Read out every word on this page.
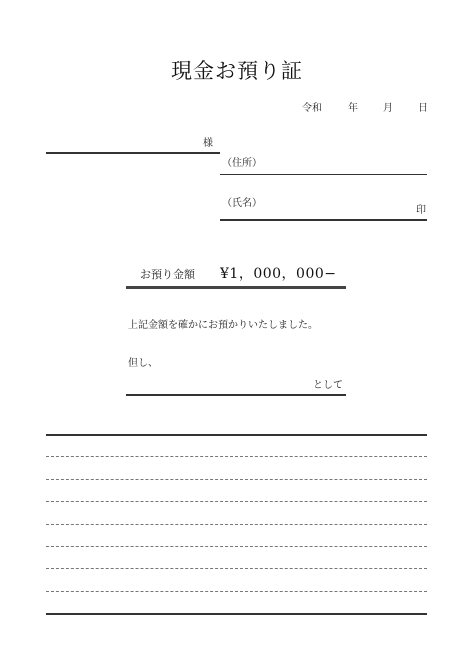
現金お預り証
令和	年	月	日
様
（住所）
（氏名）
印
お預り金額 ¥1，000，000−
上記金額を確かにお預かりいたしました。
但し、
として
